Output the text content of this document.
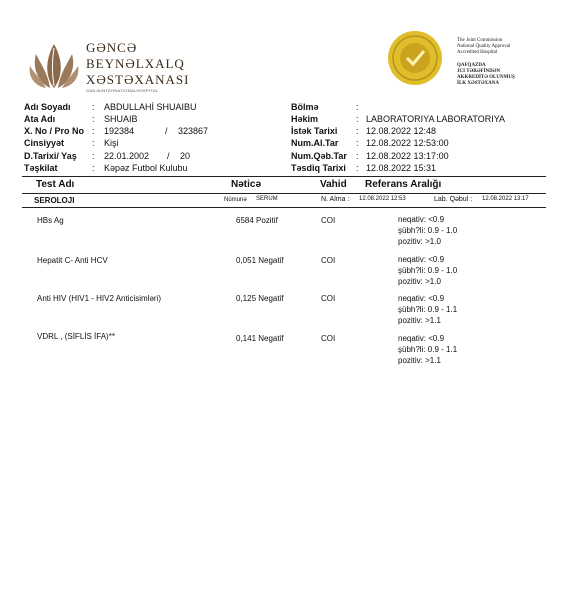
GƏNCƏ
BEYNƏLXALQ
XƏSTƏXANASI
GANJAINTERNATIONALHOSPITAL
The Joint Commission
National Quality Approval
Accredited Hospital
QAFQAZDA
JCI TƏRƏFİNDƏN
AKKREDİTƏ OLUNMUŞ
İLK XƏSTƏXANA
Adı Soyadı : ABDULLAHİ SHUAIBU
Ata Adı	: SHUAIB
X. No / Pro No : 192384	/ 323867
Cinsiyyət	: Kişi
D.Tarixi/ Yaş : 22.01.2002 / 20
Təşkilat	: Kəpəz Futbol Kulubu
Bölmə	:
Həkim	: LABORATORIYA LABORATORIYA
İstək Tarixi : 12.08.2022 12:48
Num.Al.Tar : 12.08.2022 12:53:00
Num.Qəb.Tar : 12.08.2022 13:17:00
Təsdiq Tarixi : 12.08.2022 15:31
Test Adı	Nəticə	Vahid Referans Aralığı
SEROLOJI	Nümunə SERUM	N. Alma : 12.08.2022 12:53	Lab. Qəbul : 12.08.2022 13:17
HBs Ag	6584 Pozitif	COI	neqativ: <0.9
şübh?li: 0.9 - 1.0
pozitiv: >1.0
Hepatit C- Anti HCV	0,051 Negatif	COI	neqativ: <0.9
şübh?li: 0.9 - 1.0
pozitiv: >1.0
Anti HIV (HIV1 - HIV2 Anticisimləri)	0,125 Negatif	COI	neqativ: <0.9
şübh?li: 0.9 - 1.1
pozitiv: >1.1
VDRL , (SİFLİS İFA)**	0,141 Negatif	COI	neqativ: <0.9
şübh?li: 0.9 - 1.1
pozitiv: >1.1
